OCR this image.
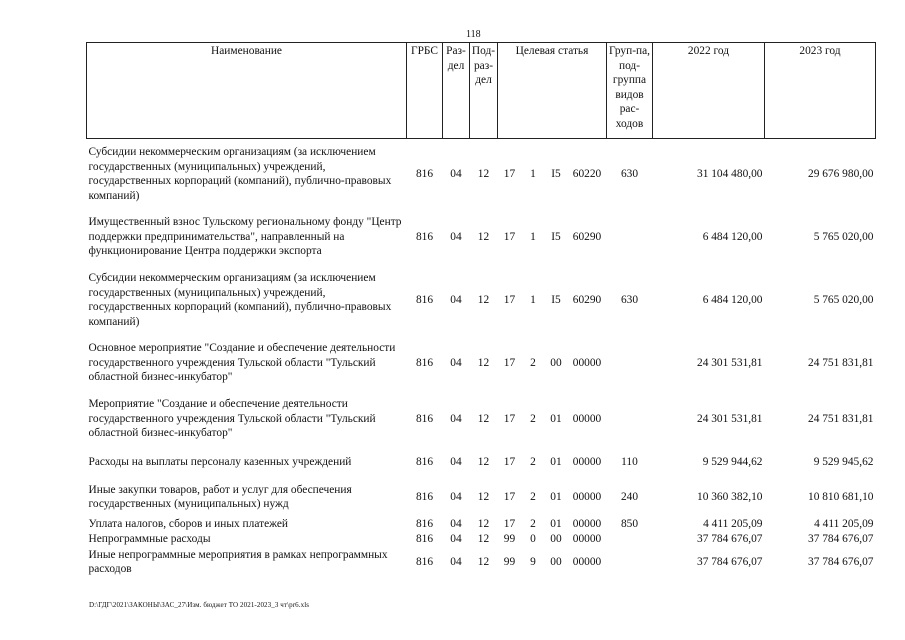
118
Наименование	ГРБС	Раз-дел	Под-раз-дел	Целевая статья				Груп-па, под-группа видов рас-ходов	2022 год	2023 год
Субсидии некоммерческим организациям (за исключением государственных (муниципальных) учреждений, государственных корпораций (компаний), публично-правовых компаний)	816	04	12	17	1	I5	60220	630	31 104 480,00	29 676 980,00
Имущественный взнос Тульскому региональному фонду "Центр поддержки предпринимательства", направленный на функционирование Центра поддержки экспорта	816	04	12	17	1	I5	60290		6 484 120,00	5 765 020,00
Субсидии некоммерческим организациям (за исключением государственных (муниципальных) учреждений, государственных корпораций (компаний), публично-правовых компаний)	816	04	12	17	1	I5	60290	630	6 484 120,00	5 765 020,00
Основное мероприятие "Создание и обеспечение деятельности государственного учреждения Тульской области "Тульский областной бизнес-инкубатор"	816	04	12	17	2	00	00000		24 301 531,81	24 751 831,81
Мероприятие "Создание и обеспечение деятельности государственного учреждения Тульской области "Тульский областной бизнес-инкубатор"	816	04	12	17	2	01	00000		24 301 531,81	24 751 831,81
Расходы на выплаты персоналу казенных учреждений	816	04	12	17	2	01	00000	110	9 529 944,62	9 529 945,62
Иные закупки товаров, работ и услуг для обеспечения государственных (муниципальных) нужд	816	04	12	17	2	01	00000	240	10 360 382,10	10 810 681,10
Уплата налогов, сборов и иных платежей	816	04	12	17	2	01	00000	850	4 411 205,09	4 411 205,09
Непрограммные расходы	816	04	12	99	0	00	00000		37 784 676,07	37 784 676,07
Иные непрограммные мероприятия в рамках непрограммных расходов	816	04	12	99	9	00	00000		37 784 676,07	37 784 676,07
D:\ГДГ\2021\ЗАКОНЫ\ЗАС_27\Изм. бюджет ТО 2021-2023_3 чт\pr6.xls
